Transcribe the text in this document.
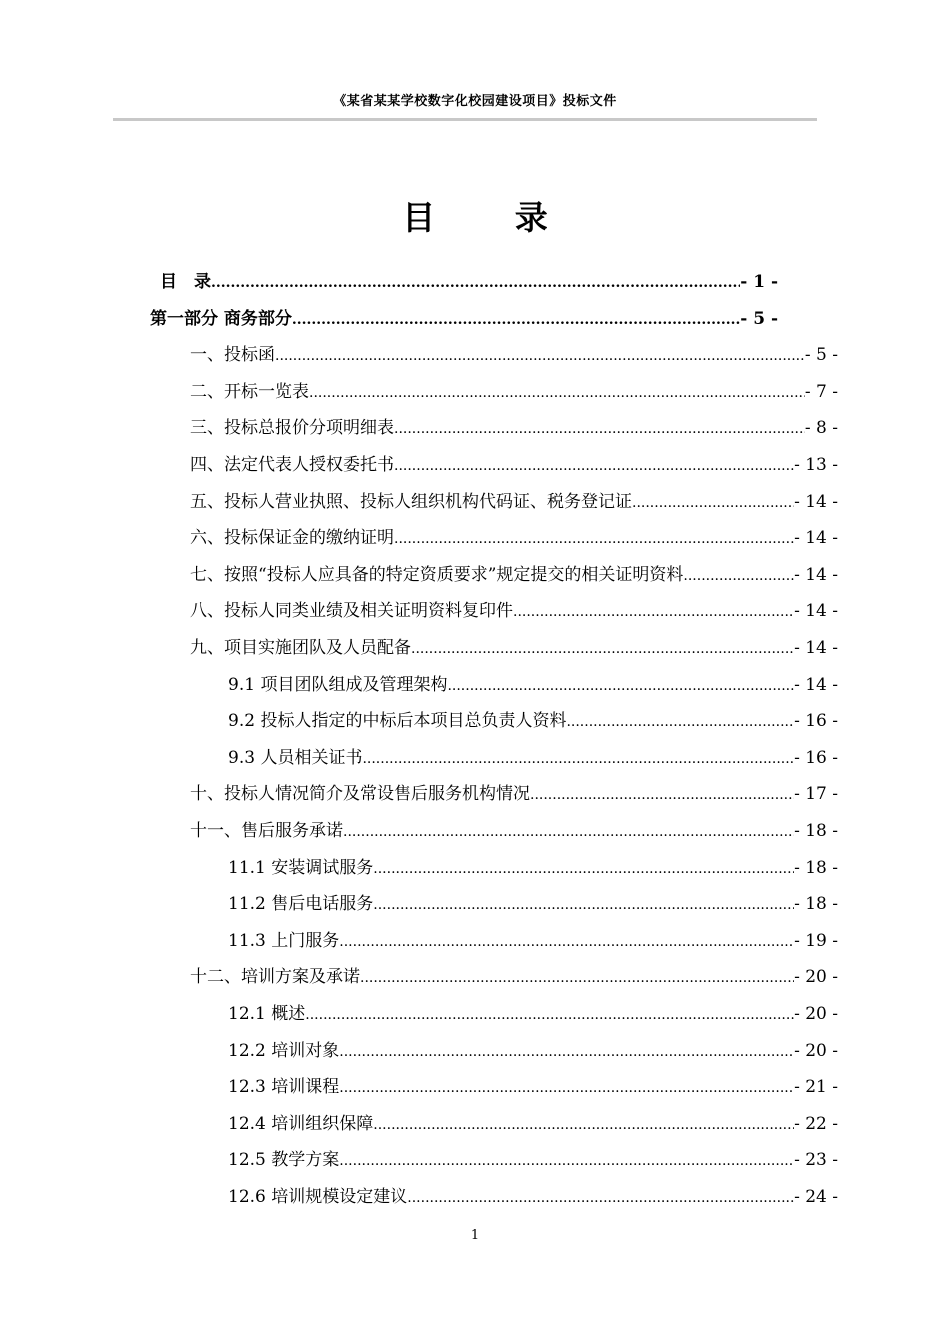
《某省某某学校数字化校园建设项目》投标文件
目 录
目　录 .....	- 1 -
第一部分 商务部分 .....	- 5 -
一、投标函 .....	- 5 -
二、开标一览表 .....	- 7 -
三、投标总报价分项明细表 .....	- 8 -
四、法定代表人授权委托书 .....	- 13 -
五、投标人营业执照、投标人组织机构代码证、税务登记证 .....	- 14 -
六、投标保证金的缴纳证明 .....	- 14 -
七、按照“投标人应具备的特定资质要求”规定提交的相关证明资料 .....	- 14 -
八、投标人同类业绩及相关证明资料复印件 .....	- 14 -
九、项目实施团队及人员配备 .....	- 14 -
9.1 项目团队组成及管理架构 .....	- 14 -
9.2 投标人指定的中标后本项目总负责人资料 .....	- 16 -
9.3 人员相关证书 .....	- 16 -
十、投标人情况简介及常设售后服务机构情况 .....	- 17 -
十一、售后服务承诺 .....	- 18 -
11.1 安装调试服务 .....	- 18 -
11.2 售后电话服务 .....	- 18 -
11.3 上门服务 .....	- 19 -
十二、培训方案及承诺 .....	- 20 -
12.1 概述 .....	- 20 -
12.2 培训对象 .....	- 20 -
12.3 培训课程 .....	- 21 -
12.4 培训组织保障 .....	- 22 -
12.5 教学方案 .....	- 23 -
12.6 培训规模设定建议 .....	- 24 -
1
